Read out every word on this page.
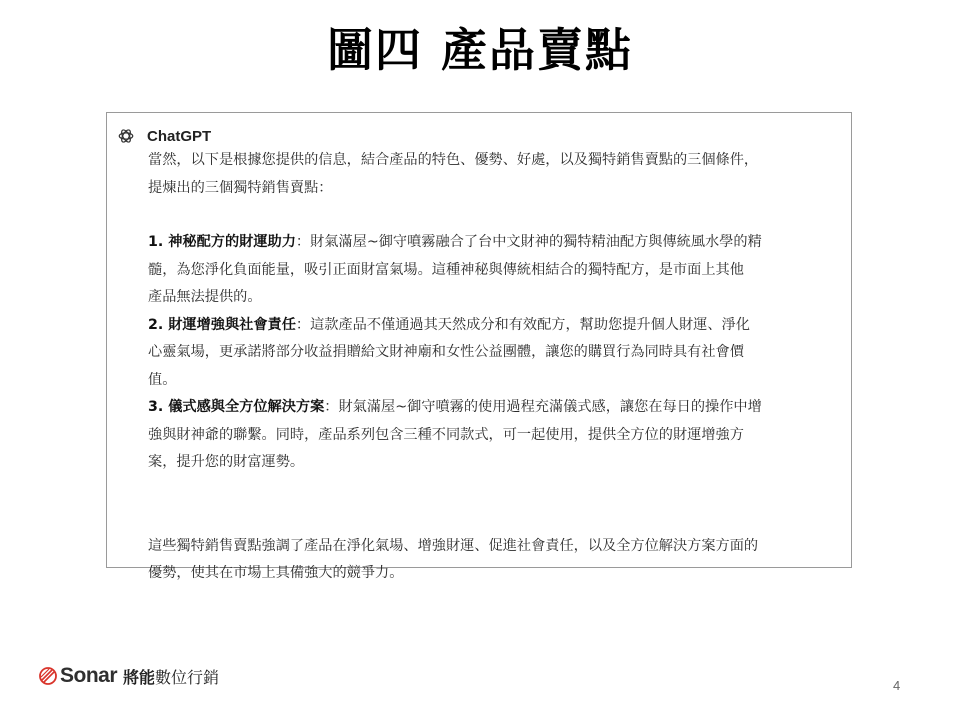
圖四 產品賣點
ChatGPT

當然，以下是根據您提供的信息，結合產品的特色、優勢、好處，以及獨特銷售賣點的三個條件，

提煉出的三個獨特銷售賣點：

1. 神秘配方的財運助力：財氣滿屋~御守噴霧融合了台中文財神的獨特精油配方與傳統風水學的精

髓，為您淨化負面能量，吸引正面財富氣場。這種神秘與傳統相結合的獨特配方，是市面上其他

產品無法提供的。

2. 財運增強與社會責任：這款產品不僅通過其天然成分和有效配方，幫助您提升個人財運、淨化

心靈氣場，更承諾將部分收益捐贈給文財神廟和女性公益團體，讓您的購買行為同時具有社會價

值。

3. 儀式感與全方位解決方案：財氣滿屋~御守噴霧的使用過程充滿儀式感，讓您在每日的操作中增

強與財神爺的聯繫。同時，產品系列包含三種不同款式，可一起使用，提供全方位的財運增強方

案，提升您的財富運勢。

這些獨特銷售賣點強調了產品在淨化氣場、增強財運、促進社會責任，以及全方位解決方案方面的

優勢，使其在市場上具備強大的競爭力。

Sonar 將能 數位行銷	4
